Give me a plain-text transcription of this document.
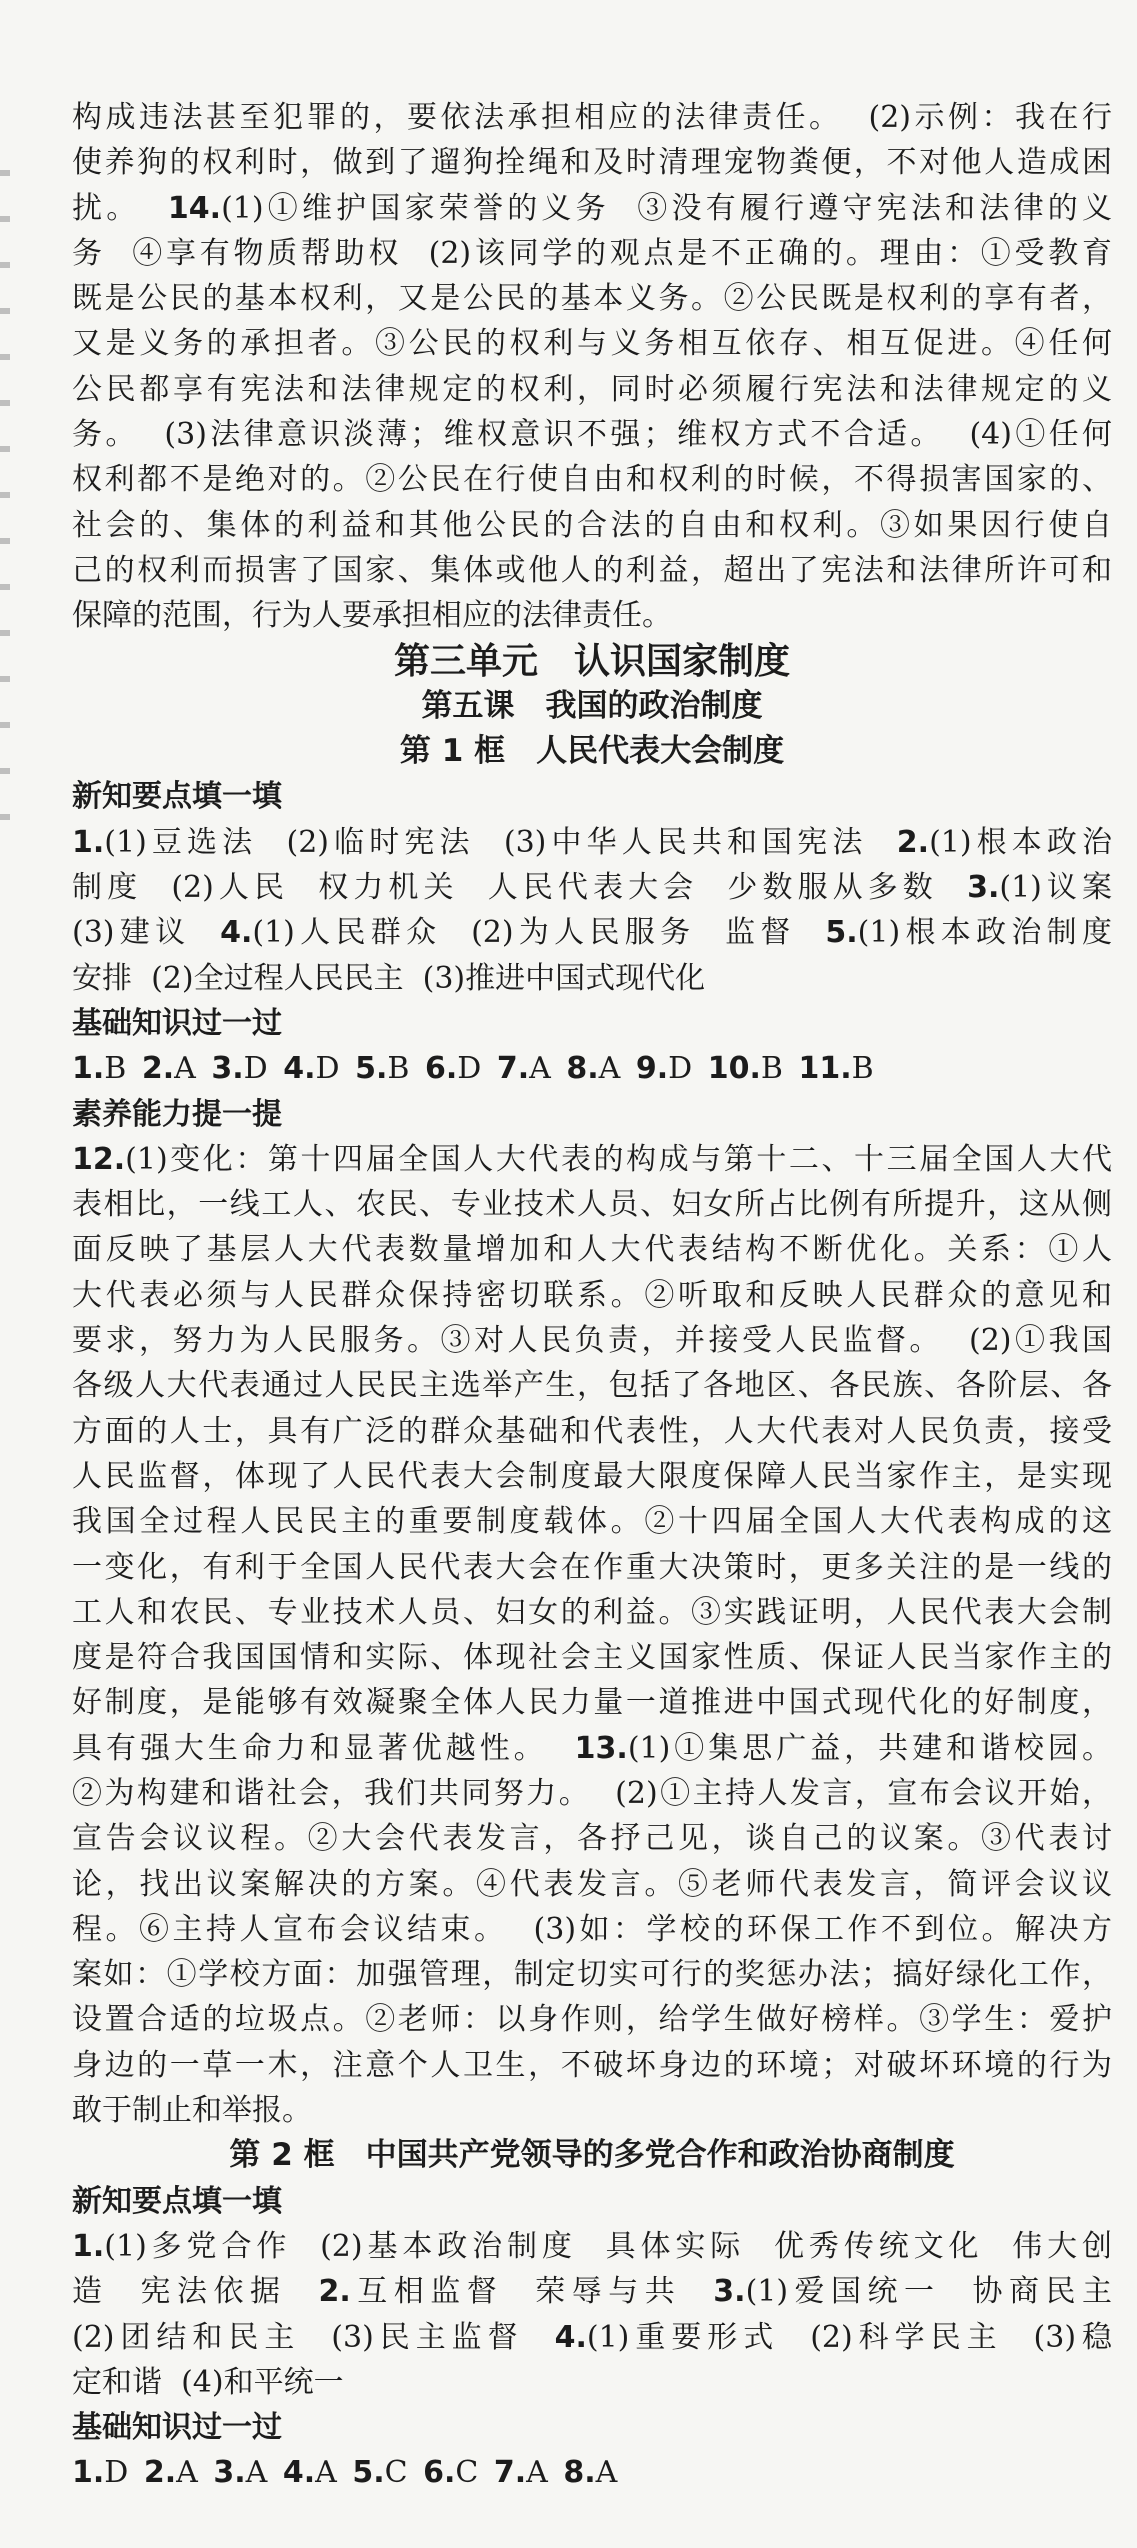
构成违法甚至犯罪的，要依法承担相应的法律责任。  (2)示例：我在行
使养狗的权利时，做到了遛狗拴绳和及时清理宠物粪便，不对他人造成困
扰。  14.(1)①维护国家荣誉的义务  ③没有履行遵守宪法和法律的义
务  ④享有物质帮助权  (2)该同学的观点是不正确的。理由：①受教育
既是公民的基本权利，又是公民的基本义务。②公民既是权利的享有者，
又是义务的承担者。③公民的权利与义务相互依存、相互促进。④任何
公民都享有宪法和法律规定的权利，同时必须履行宪法和法律规定的义
务。  (3)法律意识淡薄；维权意识不强；维权方式不合适。  (4)①任何
权利都不是绝对的。②公民在行使自由和权利的时候，不得损害国家的、
社会的、集体的利益和其他公民的合法的自由和权利。③如果因行使自
己的权利而损害了国家、集体或他人的利益，超出了宪法和法律所许可和
保障的范围，行为人要承担相应的法律责任。
第三单元　认识国家制度
第五课　我国的政治制度
第 1 框　人民代表大会制度
新知要点填一填
1.(1)豆选法  (2)临时宪法  (3)中华人民共和国宪法  2.(1)根本政治
制度  (2)人民  权力机关  人民代表大会  少数服从多数  3.(1)议案
(3)建议  4.(1)人民群众  (2)为人民服务  监督  5.(1)根本政治制度
安排  (2)全过程人民民主  (3)推进中国式现代化
基础知识过一过
1.B 2.A 3.D 4.D 5.B 6.D 7.A 8.A 9.D 10.B 11.B
素养能力提一提
12.(1)变化：第十四届全国人大代表的构成与第十二、十三届全国人大代
表相比，一线工人、农民、专业技术人员、妇女所占比例有所提升，这从侧
面反映了基层人大代表数量增加和人大代表结构不断优化。关系：①人
大代表必须与人民群众保持密切联系。②听取和反映人民群众的意见和
要求，努力为人民服务。③对人民负责，并接受人民监督。  (2)①我国
各级人大代表通过人民民主选举产生，包括了各地区、各民族、各阶层、各
方面的人士，具有广泛的群众基础和代表性，人大代表对人民负责，接受
人民监督，体现了人民代表大会制度最大限度保障人民当家作主，是实现
我国全过程人民民主的重要制度载体。②十四届全国人大代表构成的这
一变化，有利于全国人民代表大会在作重大决策时，更多关注的是一线的
工人和农民、专业技术人员、妇女的利益。③实践证明，人民代表大会制
度是符合我国国情和实际、体现社会主义国家性质、保证人民当家作主的
好制度，是能够有效凝聚全体人民力量一道推进中国式现代化的好制度，
具有强大生命力和显著优越性。  13.(1)①集思广益，共建和谐校园。
②为构建和谐社会，我们共同努力。  (2)①主持人发言，宣布会议开始，
宣告会议议程。②大会代表发言，各抒己见，谈自己的议案。③代表讨
论，找出议案解决的方案。④代表发言。⑤老师代表发言，简评会议议
程。⑥主持人宣布会议结束。  (3)如：学校的环保工作不到位。解决方
案如：①学校方面：加强管理，制定切实可行的奖惩办法；搞好绿化工作，
设置合适的垃圾点。②老师：以身作则，给学生做好榜样。③学生：爱护
身边的一草一木，注意个人卫生，不破坏身边的环境；对破坏环境的行为
敢于制止和举报。
第 2 框　中国共产党领导的多党合作和政治协商制度
新知要点填一填
1.(1)多党合作  (2)基本政治制度  具体实际  优秀传统文化  伟大创
造  宪法依据  2.互相监督  荣辱与共  3.(1)爱国统一  协商民主
(2)团结和民主  (3)民主监督  4.(1)重要形式  (2)科学民主  (3)稳
定和谐  (4)和平统一
基础知识过一过
1.D 2.A 3.A 4.A 5.C 6.C 7.A 8.A
